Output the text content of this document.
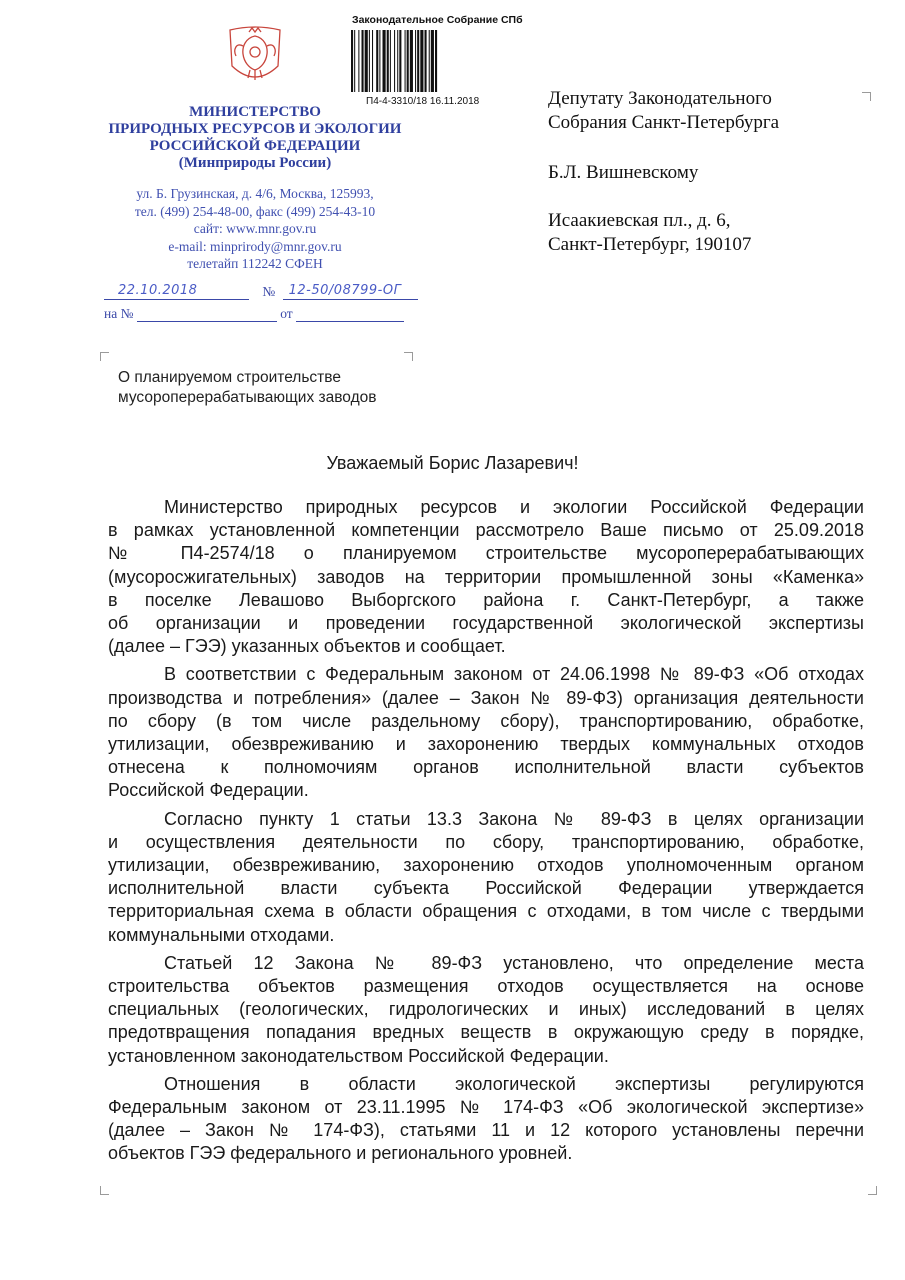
МИНИСТЕРСТВО
ПРИРОДНЫХ РЕСУРСОВ И ЭКОЛОГИИ
РОССИЙСКОЙ ФЕДЕРАЦИИ
(Минприроды России)
ул. Б. Грузинская, д. 4/6, Москва, 125993,
тел. (499) 254-48-00, факс (499) 254-43-10
сайт: www.mnr.gov.ru
e-mail: minprirody@mnr.gov.ru
телетайп 112242 СФЕН
22.10.2018	№ 12-50/08799-ОГ
на №	от
Законодательное Собрание СПб
П4-4-3310/18 16.11.2018	Депутату Законодательного
Собрания Санкт-Петербурга
Б.Л. Вишневскому
Исаакиевская пл., д. 6,
Санкт-Петербург, 190107
О планируемом строительстве
мусороперерабатывающих заводов
Уважаемый Борис Лазаревич!

Министерство природных ресурсов и экологии Российской Федерации
в рамках установленной компетенции рассмотрело Ваше письмо от 25.09.2018
№ П4-2574/18 о планируемом строительстве мусороперерабатывающих
(мусоросжигательных) заводов на территории промышленной зоны «Каменка»
в поселке Левашово Выборгского района г. Санкт-Петербург, а также
об организации и проведении государственной экологической экспертизы
(далее – ГЭЭ) указанных объектов и сообщает.

В соответствии с Федеральным законом от 24.06.1998 № 89-ФЗ «Об отходах
производства и потребления» (далее – Закон № 89-ФЗ) организация деятельности
по сбору (в том числе раздельному сбору), транспортированию, обработке,
утилизации, обезвреживанию и захоронению твердых коммунальных отходов
отнесена к полномочиям органов исполнительной власти субъектов
Российской Федерации.

Согласно пункту 1 статьи 13.3 Закона № 89-ФЗ в целях организации
и осуществления деятельности по сбору, транспортированию, обработке,
утилизации, обезвреживанию, захоронению отходов уполномоченным органом
исполнительной власти субъекта Российской Федерации утверждается
территориальная схема в области обращения с отходами, в том числе с твердыми
коммунальными отходами.

Статьей 12 Закона № 89-ФЗ установлено, что определение места
строительства объектов размещения отходов осуществляется на основе
специальных (геологических, гидрологических и иных) исследований в целях
предотвращения попадания вредных веществ в окружающую среду в порядке,
установленном законодательством Российской Федерации.

Отношения в области экологической экспертизы регулируются
Федеральным законом от 23.11.1995 № 174-ФЗ «Об экологической экспертизе»
(далее – Закон № 174-ФЗ), статьями 11 и 12 которого установлены перечни
объектов ГЭЭ федерального и регионального уровней.
